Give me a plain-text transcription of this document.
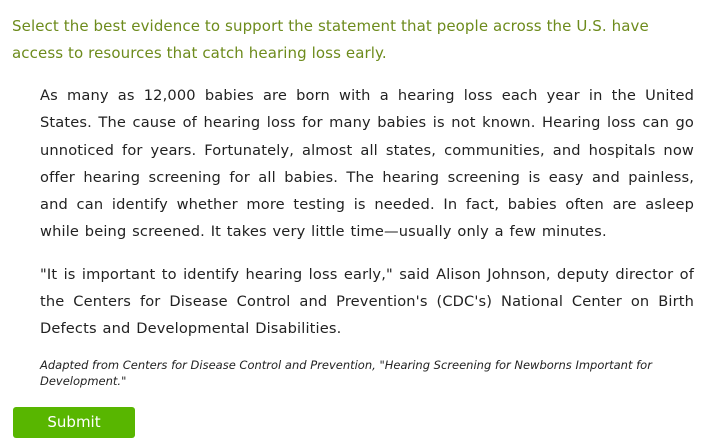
Select the best evidence to support the statement that people across the U.S. have access to resources that catch hearing loss early.

As many as 12,000 babies are born with a hearing loss each year in the United States. The cause of hearing loss for many babies is not known. Hearing loss can go unnoticed for years. Fortunately, almost all states, communities, and hospitals now offer hearing screening for all babies. The hearing screening is easy and painless, and can identify whether more testing is needed. In fact, babies often are asleep while being screened. It takes very little time—usually only a few minutes.

"It is important to identify hearing loss early," said Alison Johnson, deputy director of the Centers for Disease Control and Prevention's (CDC's) National Center on Birth Defects and Developmental Disabilities.

Adapted from Centers for Disease Control and Prevention, "Hearing Screening for Newborns Important for Development."

Submit
